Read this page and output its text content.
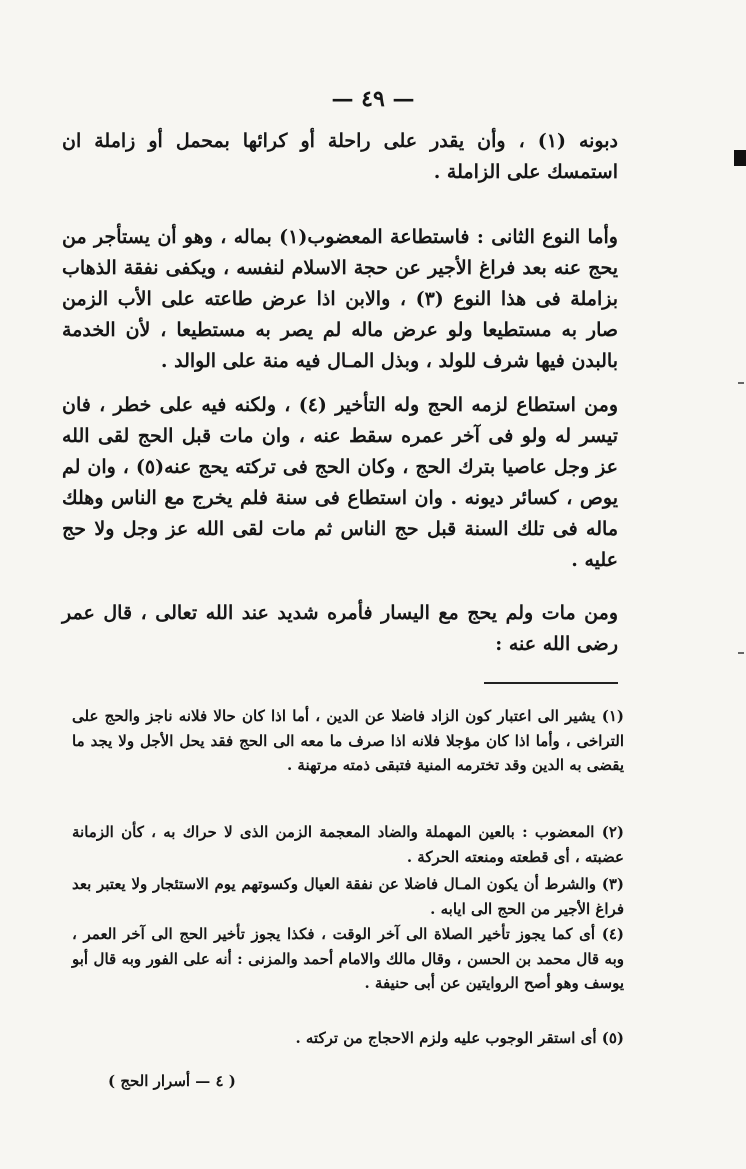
— ٤٩ —

دبونه (١) ، وأن يقدر على راحلة أو كرائها بمحمل أو زاملة ان استمسك على الزاملة .

وأما النوع الثانى : فاستطاعة المعضوب(١) بماله ، وهو أن يستأجر من يحج عنه بعد فراغ الأجير عن حجة الاسلام لنفسه ، ويكفى نفقة الذهاب بزاملة فى هذا النوع (٣) ، والابن اذا عرض طاعته على الأب الزمن صار به مستطيعا ولو عرض ماله لم يصر به مستطيعا ، لأن الخدمة بالبدن فيها شرف للولد ، وبذل المـال فيه منة على الوالد .

ومن استطاع لزمه الحج وله التأخير (٤) ، ولكنه فيه على خطر ، فان تيسر له ولو فى آخر عمره سقط عنه ، وان مات قبل الحج لقى الله عز وجل عاصيا بترك الحج ، وكان الحج فى تركته يحج عنه(٥) ، وان لم يوص ، كسائر ديونه . وان استطاع فى سنة فلم يخرج مع الناس وهلك ماله فى تلك السنة قبل حج الناس ثم مات لقى الله عز وجل ولا حج عليه .

ومن مات ولم يحج مع اليسار فأمره شديد عند الله تعالى ، قال عمر رضى الله عنه :

(١) يشير الى اعتبار كون الزاد فاضلا عن الدين ، أما اذا كان حالا فلانه ناجز والحج على التراخى ، وأما اذا كان مؤجلا فلانه اذا صرف ما معه الى الحج فقد يحل الأجل ولا يجد ما يقضى به الدين وقد تخترمه المنية فتبقى ذمته مرتهنة .

(٢) المعضوب : بالعين المهملة والضاد المعجمة الزمن الذى لا حراك به ، كأن الزمانة عضبته ، أى قطعته ومنعته الحركة .

(٣) والشرط أن يكون المـال فاضلا عن نفقة العيال وكسوتهم يوم الاستئجار ولا يعتبر بعد فراغ الأجير من الحج الى ايابه .

(٤) أى كما يجوز تأخير الصلاة الى آخر الوقت ، فكذا يجوز تأخير الحج الى آخر العمر ، وبه قال محمد بن الحسن ، وقال مالك والامام أحمد والمزنى : أنه على الفور وبه قال أبو يوسف وهو أصح الروايتين عن أبى حنيفة .

(٥) أى استقر الوجوب عليه ولزم الاحجاج من تركته .

( ٤ — أسرار الحج )
